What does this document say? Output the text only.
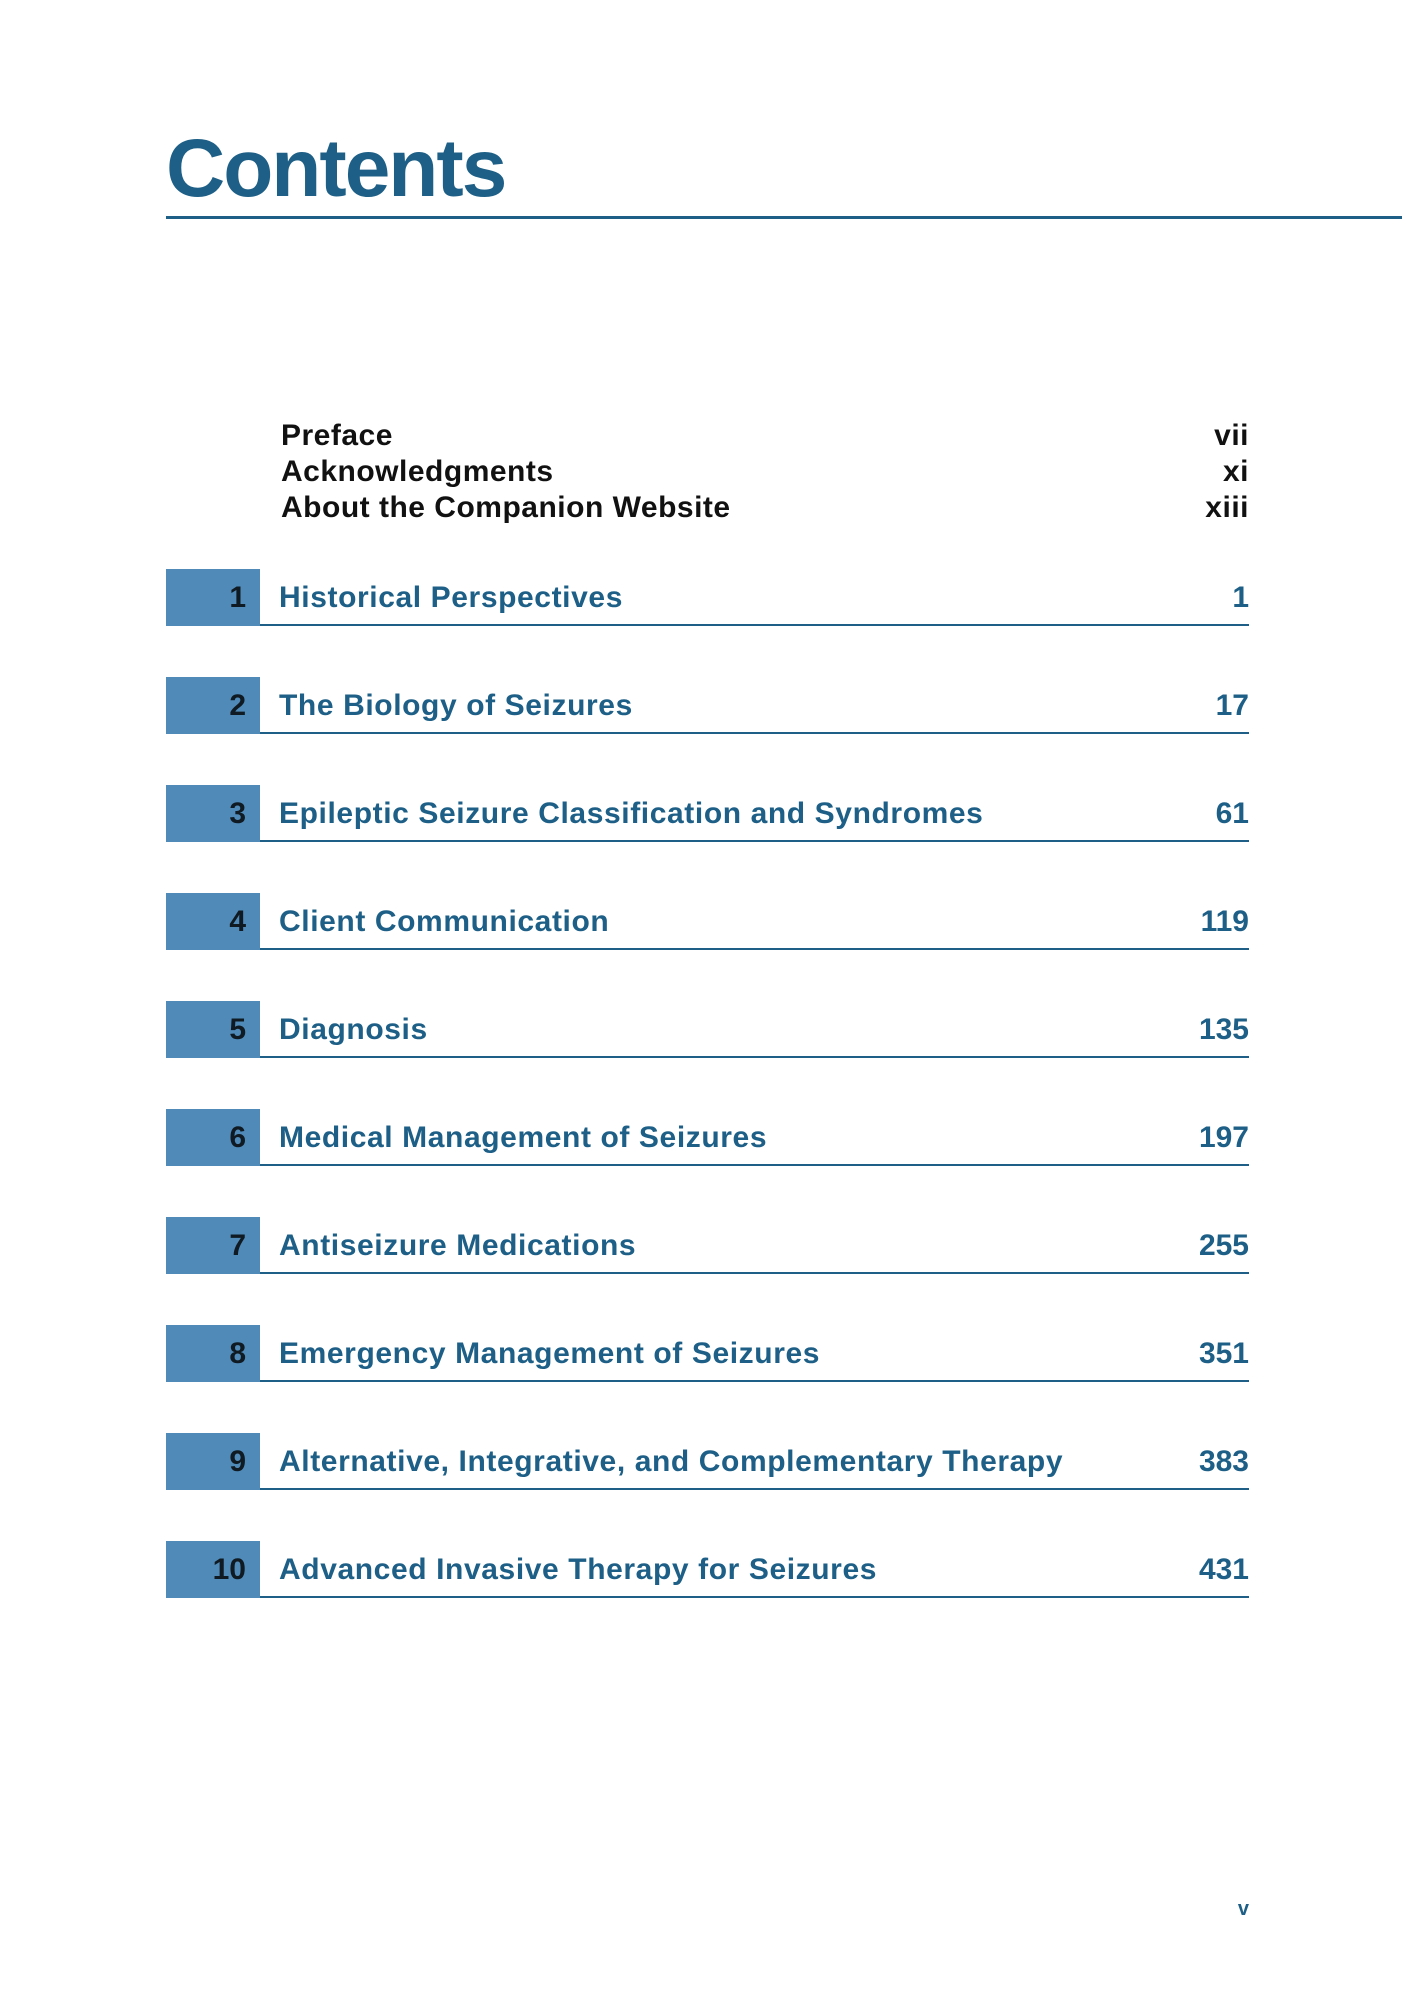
Contents
Preface	vii
Acknowledgments	xi
About the Companion Website	xiii
1 Historical Perspectives	1
2 The Biology of Seizures	17
3 Epileptic Seizure Classification and Syndromes	61
4 Client Communication	119
5 Diagnosis	135
6 Medical Management of Seizures	197
7 Antiseizure Medications	255
8 Emergency Management of Seizures	351
9 Alternative, Integrative, and Complementary Therapy	383
10 Advanced Invasive Therapy for Seizures	431
v
